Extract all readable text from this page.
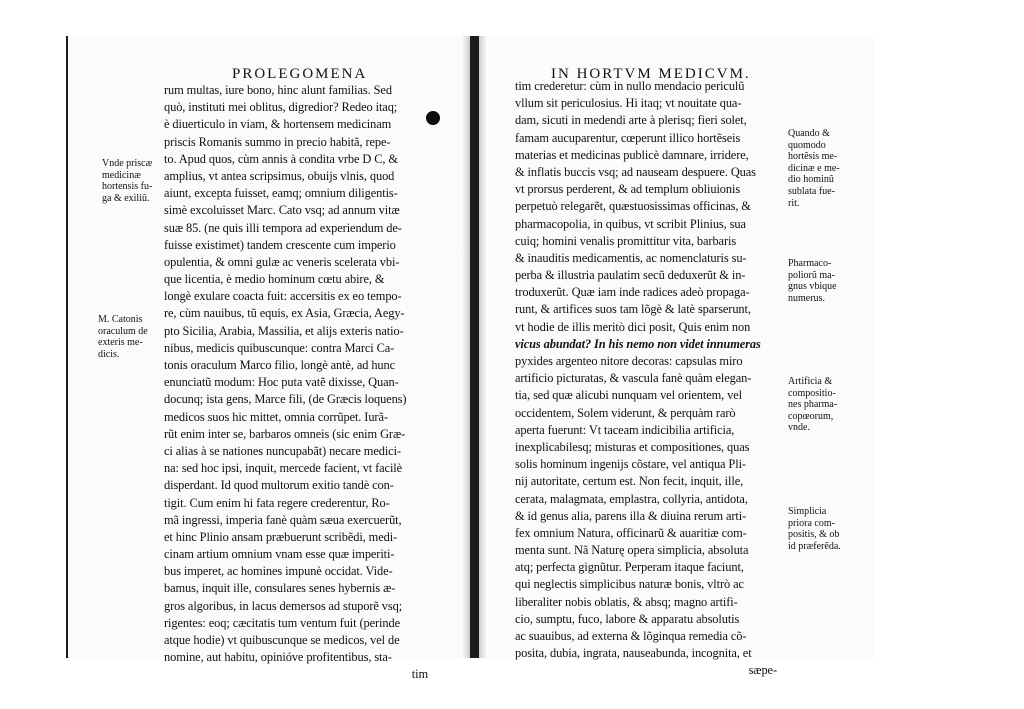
PROLEGOMENA
rum multas, iure bono, hinc alunt familias. Sed
quò, instituti mei oblitus, digredior? Redeo itaq;
è diuerticulo in viam, & hortensem medicinam
priscis Romanis summo in precio habitã, repe-
to. Apud quos, cùm annis à condita vrbe D C, &
amplius, vt antea scripsimus, obuijs vlnis, quod
aiunt, excepta fuisset, eamq; omnium diligentis-
simè excoluisset Marc. Cato vsq; ad annum vitæ
suæ 85. (ne quis illi tempora ad experiendum de-
fuisse existimet) tandem crescente cum imperio
opulentia, & omni gulæ ac veneris scelerata vbi-
que licentia, è medio hominum cœtu abire, &
longè exulare coacta fuit: accersitis ex eo tempo-
re, cùm nauibus, tũ equis, ex Asia, Græcia, Aegy-
pto Sicilia, Arabia, Massilia, et alijs exteris natio-
nibus, medicis quibuscunque: contra Marci Ca-
tonis oraculum Marco filio, longè antè, ad hunc
enunciatũ modum: Hoc puta vatẽ dixisse, Quan-
docunq; ista gens, Marce fili, (de Græcis loquens)
medicos suos hic mittet, omnia corrũpet. Iurã-
rũt enim inter se, barbaros omneis (sic enim Græ-
ci alias à se nationes nuncupabãt) necare medici-
na: sed hoc ipsi, inquit, mercede facient, vt facilè
disperdant. Id quod multorum exitio tandè con-
tigit. Cum enim hi fata regere crederentur, Ro-
mã ingressi, imperia fanè quàm sæua exercuerũt,
et hinc Plinio ansam præbuerunt scribẽdi, medi-
cinam artium omnium vnam esse quæ imperiti-
bus imperet, ac homines impunè occidat. Vide-
bamus, inquit ille, consulares senes hybernis æ-
gros algoribus, in lacus demersos ad stuporẽ vsq;
rigentes: eoq; cæcitatis tum ventum fuit (perinde
atque hodie) vt quibuscunque se medicos, vel de
nomine, aut habitu, opinióve profitentibus, sta-
tim
Vnde priscæ
medicinæ
hortensis fu-
ga & exiliũ.
M. Catonis
oraculum de
exteris me-
dicis.
IN HORTVM MEDICVM.
tim crederetur: cùm in nullo mendacio periculũ
vllum sit periculosius. Hi itaq; vt nouitate qua-
dam, sicuti in medendi arte à plerisq; fieri solet,
famam aucuparentur, cœperunt illico hortẽseis
materias et medicinas publicè damnare, irridere,
& inflatis buccis vsq; ad nauseam despuere. Quas
vt prorsus perderent, & ad templum obliuionis
perpetuò relegarẽt, quæstuosissimas officinas, &
pharmacopolia, in quibus, vt scribit Plinius, sua
cuiq; homini venalis promittitur vita, barbaris
& inauditis medicamentis, ac nomenclaturis su-
perba & illustria paulatim secũ deduxerũt & in-
troduxerũt. Quæ iam inde radices adeò propaga-
runt, & artifices suos tam lõgè & latè sparserunt,
vt hodie de illis meritò dici posit, Quis enim non
vicus abundat? In his nemo non videt innumeras
pyxides argenteo nitore decoras: capsulas miro
artificio picturatas, & vascula fanè quàm elegan-
tia, sed quæ alicubi nunquam vel orientem, vel
occidentem, Solem viderunt, & perquàm rarò
aperta fuerunt: Vt taceam indicibilia artificia,
inexplicabilesq; misturas et compositiones, quas
solis hominum ingenijs cõstare, vel antiqua Pli-
nij autoritate, certum est. Non fecit, inquit, ille,
cerata, malagmata, emplastra, collyria, antidota,
& id genus alia, parens illa & diuina rerum arti-
fex omnium Natura, officinarũ & auaritiæ com-
menta sunt. Nã Naturę opera simplicia, absoluta
atq; perfecta gignũtur. Perperam itaque faciunt,
qui neglectis simplicibus naturæ bonis, vltrò ac
liberaliter nobis oblatis, & absq; magno artifi-
cio, sumptu, fuco, labore & apparatu absolutis
ac suauibus, ad externa & lõginqua remedia cõ-
posita, dubia, ingrata, nauseabunda, incognita, et
sæpe-
Quando &
quomodo
hortẽsis me-
dicinæ e me-
dio hominũ
sublata fue-
rit.
Pharmaco-
poliorũ ma-
gnus vbique
numerus.
Artificia &
compositio-
nes pharma-
copœorum,
vnde.
Simplicia
priora com-
positis, & ob
id præferẽda.
